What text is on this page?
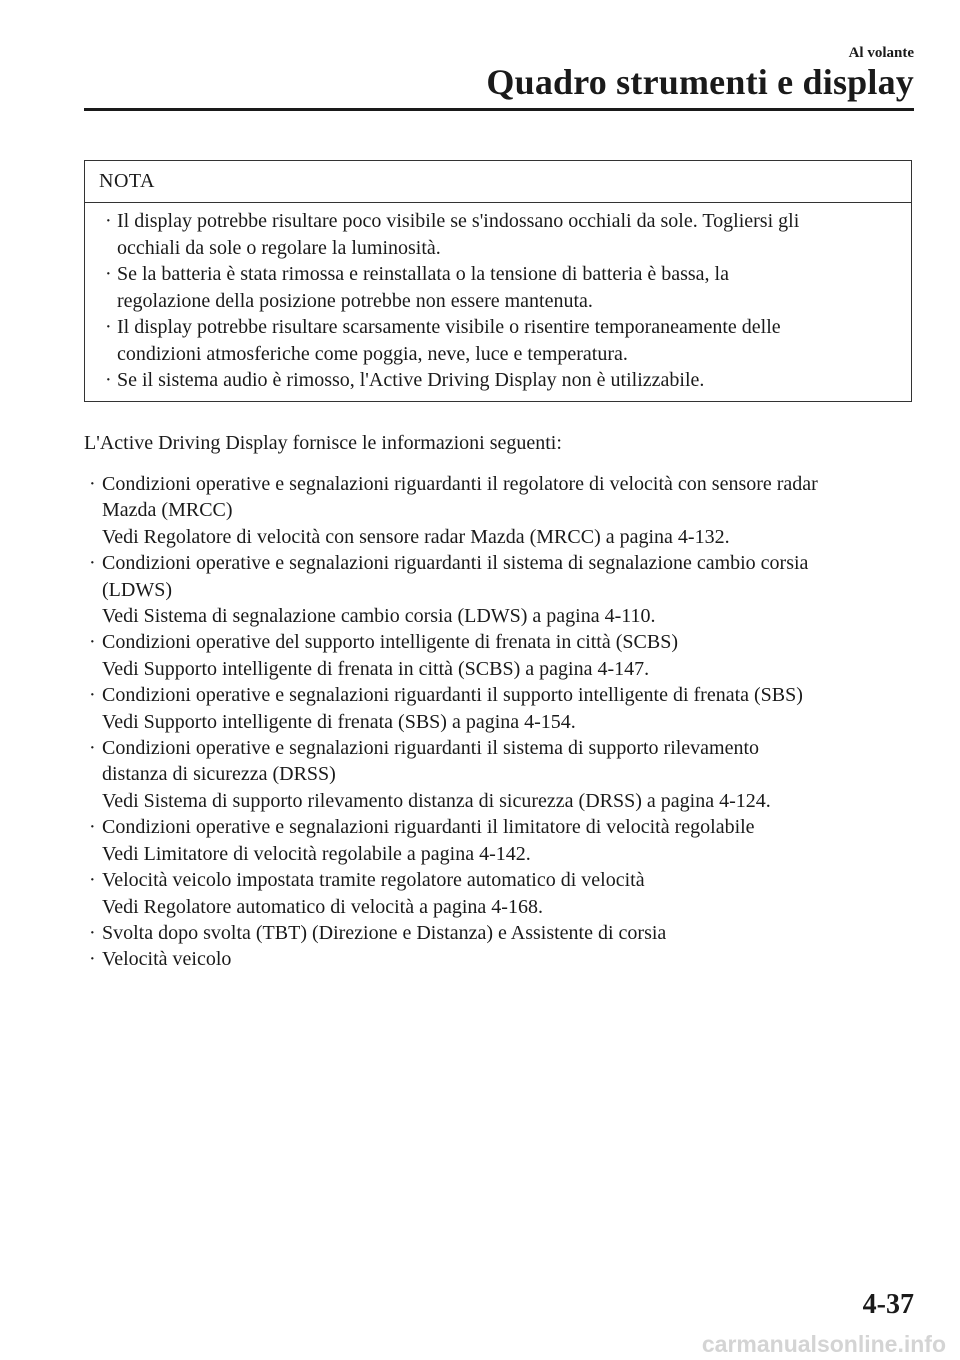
Al volante
Quadro strumenti e display
NOTA
· Il display potrebbe risultare poco visibile se s'indossano occhiali da sole. Togliersi gli
occhiali da sole o regolare la luminosità.
· Se la batteria è stata rimossa e reinstallata o la tensione di batteria è bassa, la
regolazione della posizione potrebbe non essere mantenuta.
· Il display potrebbe risultare scarsamente visibile o risentire temporaneamente delle
condizioni atmosferiche come poggia, neve, luce e temperatura.
· Se il sistema audio è rimosso, l'Active Driving Display non è utilizzabile.
L'Active Driving Display fornisce le informazioni seguenti:
· Condizioni operative e segnalazioni riguardanti il regolatore di velocità con sensore radar
Mazda (MRCC)
Vedi Regolatore di velocità con sensore radar Mazda (MRCC) a pagina 4-132.
· Condizioni operative e segnalazioni riguardanti il sistema di segnalazione cambio corsia
(LDWS)
Vedi Sistema di segnalazione cambio corsia (LDWS) a pagina 4-110.
· Condizioni operative del supporto intelligente di frenata in città (SCBS)
Vedi Supporto intelligente di frenata in città (SCBS) a pagina 4-147.
· Condizioni operative e segnalazioni riguardanti il supporto intelligente di frenata (SBS)
Vedi Supporto intelligente di frenata (SBS) a pagina 4-154.
· Condizioni operative e segnalazioni riguardanti il sistema di supporto rilevamento
distanza di sicurezza (DRSS)
Vedi Sistema di supporto rilevamento distanza di sicurezza (DRSS) a pagina 4-124.
· Condizioni operative e segnalazioni riguardanti il limitatore di velocità regolabile
Vedi Limitatore di velocità regolabile a pagina 4-142.
· Velocità veicolo impostata tramite regolatore automatico di velocità
Vedi Regolatore automatico di velocità a pagina 4-168.
· Svolta dopo svolta (TBT) (Direzione e Distanza) e Assistente di corsia
· Velocità veicolo
4-37
carmanualsonline.info
